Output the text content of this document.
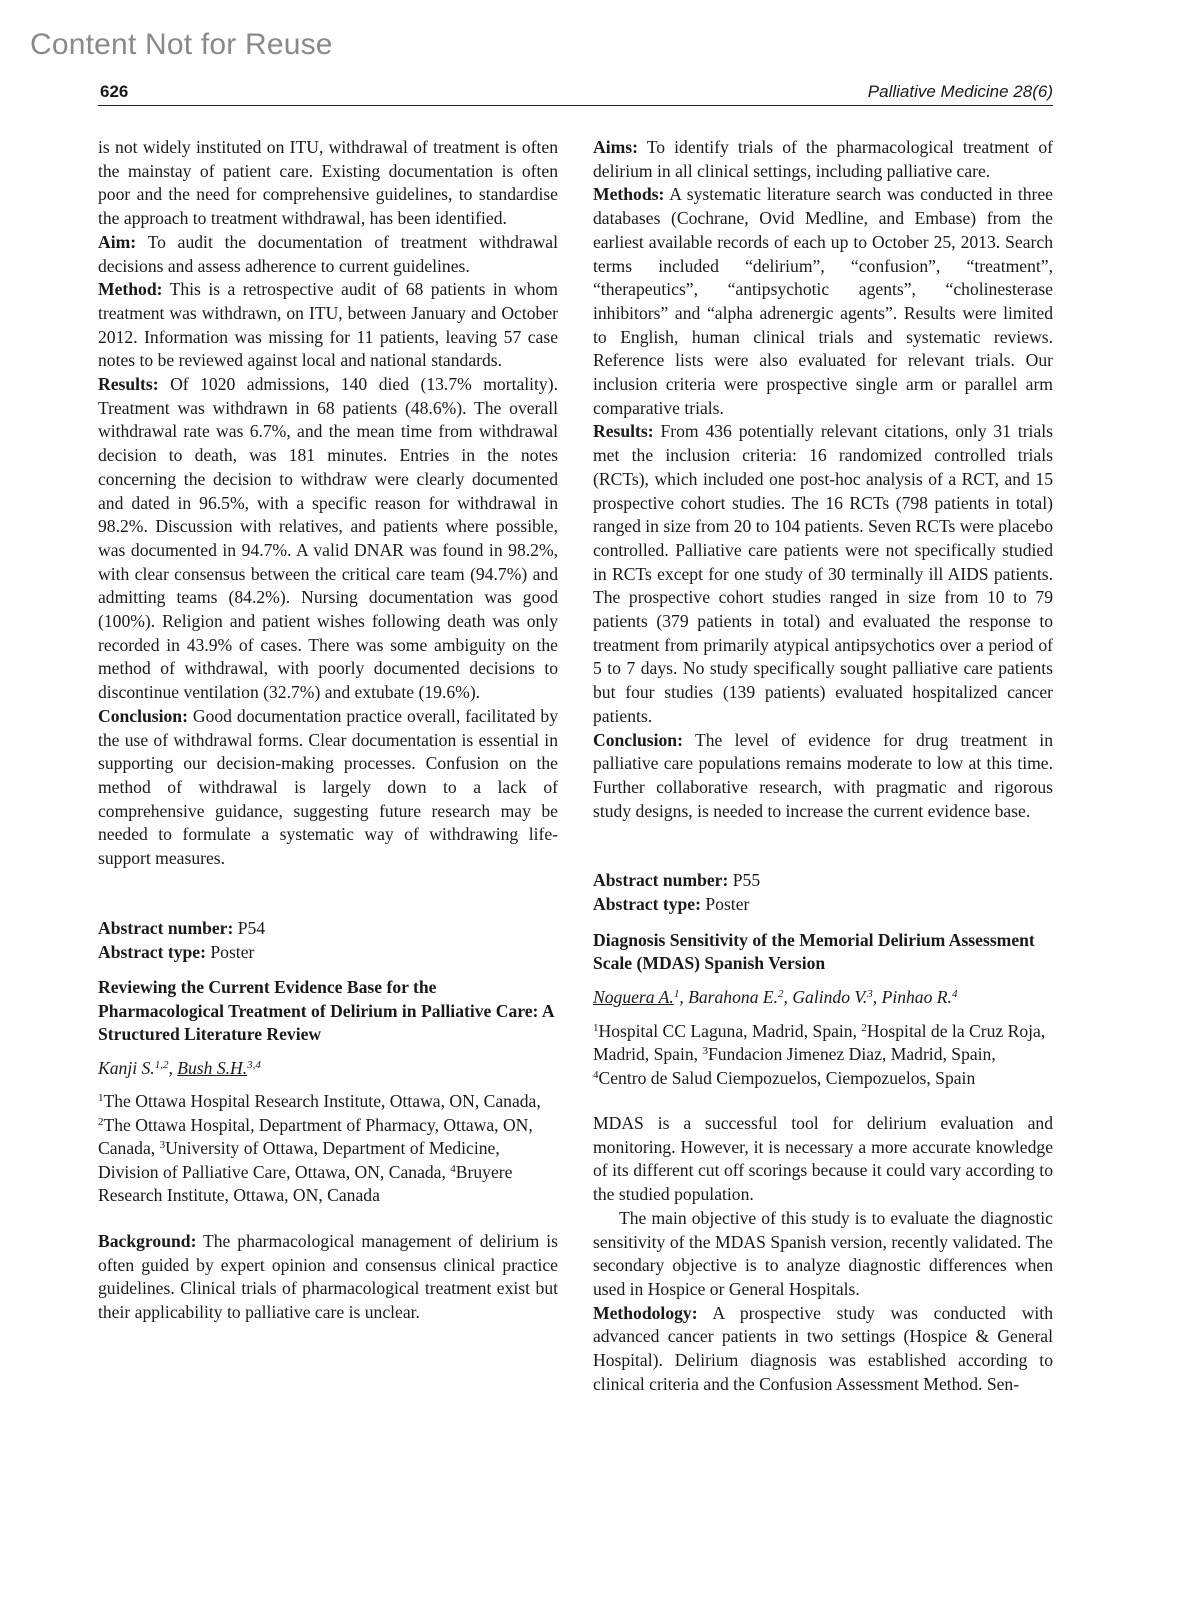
Content Not for Reuse
626	Palliative Medicine 28(6)

is not widely instituted on ITU, withdrawal of treatment is often the mainstay of patient care. Existing documentation is often poor and the need for comprehensive guidelines, to standardise the approach to treatment withdrawal, has been identified.

Aim: To audit the documentation of treatment withdrawal decisions and assess adherence to current guidelines.

Method: This is a retrospective audit of 68 patients in whom treatment was withdrawn, on ITU, between January and October 2012. Information was missing for 11 patients, leaving 57 case notes to be reviewed against local and national standards.

Results: Of 1020 admissions, 140 died (13.7% mortality). Treatment was withdrawn in 68 patients (48.6%). The overall withdrawal rate was 6.7%, and the mean time from withdrawal decision to death, was 181 minutes. Entries in the notes concerning the decision to withdraw were clearly documented and dated in 96.5%, with a specific reason for withdrawal in 98.2%. Discussion with relatives, and patients where possible, was documented in 94.7%. A valid DNAR was found in 98.2%, with clear consensus between the critical care team (94.7%) and admitting teams (84.2%). Nursing documentation was good (100%). Religion and patient wishes following death was only recorded in 43.9% of cases. There was some ambiguity on the method of withdrawal, with poorly documented decisions to discontinue ventilation (32.7%) and extubate (19.6%).

Conclusion: Good documentation practice overall, facilitated by the use of withdrawal forms. Clear documentation is essential in supporting our decision-making processes. Confusion on the method of withdrawal is largely down to a lack of comprehensive guidance, suggesting future research may be needed to formulate a systematic way of withdrawing life-support measures.

Abstract number: P54

Abstract type: Poster

Reviewing the Current Evidence Base for the Pharmacological Treatment of Delirium in Palliative Care: A Structured Literature Review

Kanji S.$^{1,2}$, Bush S.H.$^{3,4}$

$^1$The Ottawa Hospital Research Institute, Ottawa, ON, Canada, $^2$The Ottawa Hospital, Department of Pharmacy, Ottawa, ON, Canada, $^3$University of Ottawa, Department of Medicine, Division of Palliative Care, Ottawa, ON, Canada, $^4$Bruyere Research Institute, Ottawa, ON, Canada

Background: The pharmacological management of delirium is often guided by expert opinion and consensus clinical practice guidelines. Clinical trials of pharmacological treatment exist but their applicability to palliative care is unclear.

Aims: To identify trials of the pharmacological treatment of delirium in all clinical settings, including palliative care.

Methods: A systematic literature search was conducted in three databases (Cochrane, Ovid Medline, and Embase) from the earliest available records of each up to October 25, 2013. Search terms included “delirium”, “confusion”, “treatment”, “therapeutics”, “antipsychotic agents”, “cholinesterase inhibitors” and “alpha adrenergic agents”. Results were limited to English, human clinical trials and systematic reviews. Reference lists were also evaluated for relevant trials. Our inclusion criteria were prospective single arm or parallel arm comparative trials.

Results: From 436 potentially relevant citations, only 31 trials met the inclusion criteria: 16 randomized controlled trials (RCTs), which included one post-hoc analysis of a RCT, and 15 prospective cohort studies. The 16 RCTs (798 patients in total) ranged in size from 20 to 104 patients. Seven RCTs were placebo controlled. Palliative care patients were not specifically studied in RCTs except for one study of 30 terminally ill AIDS patients. The prospective cohort studies ranged in size from 10 to 79 patients (379 patients in total) and evaluated the response to treatment from primarily atypical antipsychotics over a period of 5 to 7 days. No study specifically sought palliative care patients but four studies (139 patients) evaluated hospitalized cancer patients.

Conclusion: The level of evidence for drug treatment in palliative care populations remains moderate to low at this time. Further collaborative research, with pragmatic and rigorous study designs, is needed to increase the current evidence base.

Abstract number: P55

Abstract type: Poster

Diagnosis Sensitivity of the Memorial Delirium Assessment Scale (MDAS) Spanish Version

Noguera A.$^1$, Barahona E.$^2$, Galindo V.$^3$, Pinhao R.$^4$

$^1$Hospital CC Laguna, Madrid, Spain, $^2$Hospital de la Cruz Roja, Madrid, Spain, $^3$Fundacion Jimenez Diaz, Madrid, Spain, $^4$Centro de Salud Ciempozuelos, Ciempozuelos, Spain

MDAS is a successful tool for delirium evaluation and monitoring. However, it is necessary a more accurate knowledge of its different cut off scorings because it could vary according to the studied population.

The main objective of this study is to evaluate the diagnostic sensitivity of the MDAS Spanish version, recently validated. The secondary objective is to analyze diagnostic differences when used in Hospice or General Hospitals.

Methodology: A prospective study was conducted with advanced cancer patients in two settings (Hospice & General Hospital). Delirium diagnosis was established according to clinical criteria and the Confusion Assessment Method. Sen-
